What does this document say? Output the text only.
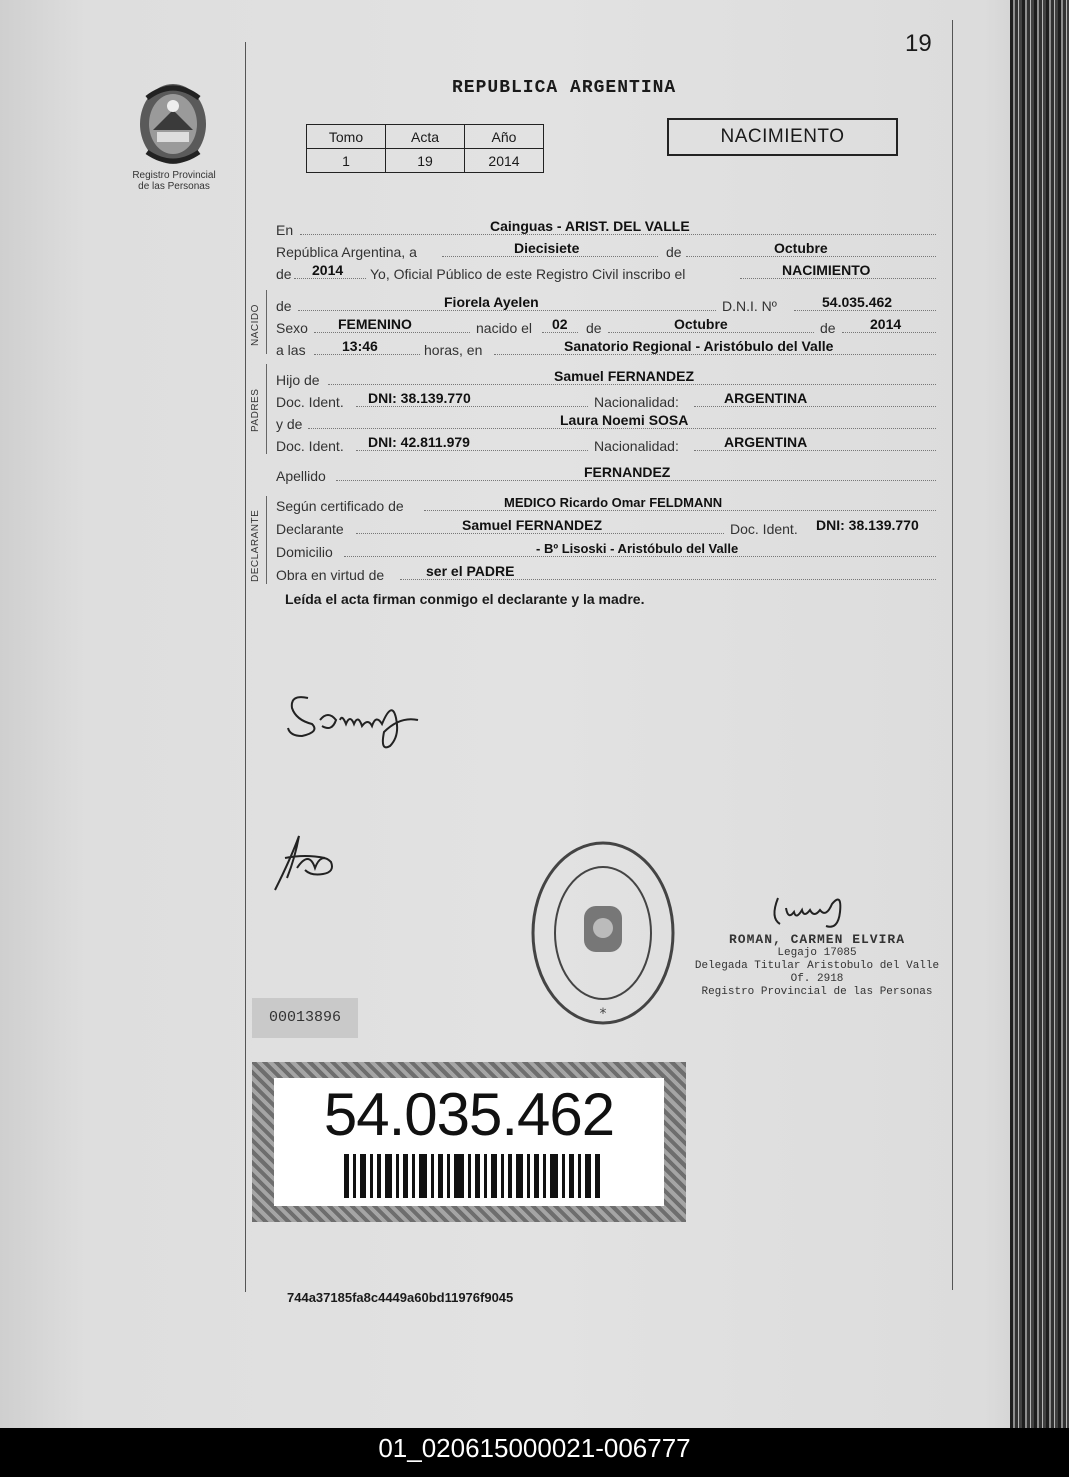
19
REPUBLICA ARGENTINA
Registro Provincial
de las Personas
Tomo	Acta	Año
1	19	2014
NACIMIENTO
En	Cainguas - ARIST. DEL VALLE
República Argentina, a	Diecisiete	de	Octubre
de 2014 Yo, Oficial Público de este Registro Civil inscribo el	NACIMIENTO
NACIDO de	Fiorela Ayelen	D.N.I. Nº	54.035.462
Sexo FEMENINO	nacido el 02 de	Octubre	de 2014
a las	13:46	horas, en	Sanatorio Regional - Aristóbulo del Valle
PADRES
Hijo de	Samuel FERNANDEZ
Doc. Ident. DNI: 38.139.770	Nacionalidad:	ARGENTINA
y de	Laura Noemi SOSA
Doc. Ident. DNI: 42.811.979	Nacionalidad:	ARGENTINA
Apellido	FERNANDEZ
DECLARANTE
Según certificado de	MEDICO Ricardo Omar FELDMANN
Declarante	Samuel FERNANDEZ	Doc. Ident. DNI: 38.139.770
Domicilio	- Bº Lisoski - Aristóbulo del Valle
Obra en virtud de	ser el PADRE
Leída el acta firman conmigo el declarante y la madre.
*
ROMAN, CARMEN ELVIRA
Legajo 17085
Delegada Titular Aristobulo del Valle Of. 2918
Registro Provincial de las Personas
00013896
54.035.462
744a37185fa8c4449a60bd11976f9045
01_020615000021-006777
